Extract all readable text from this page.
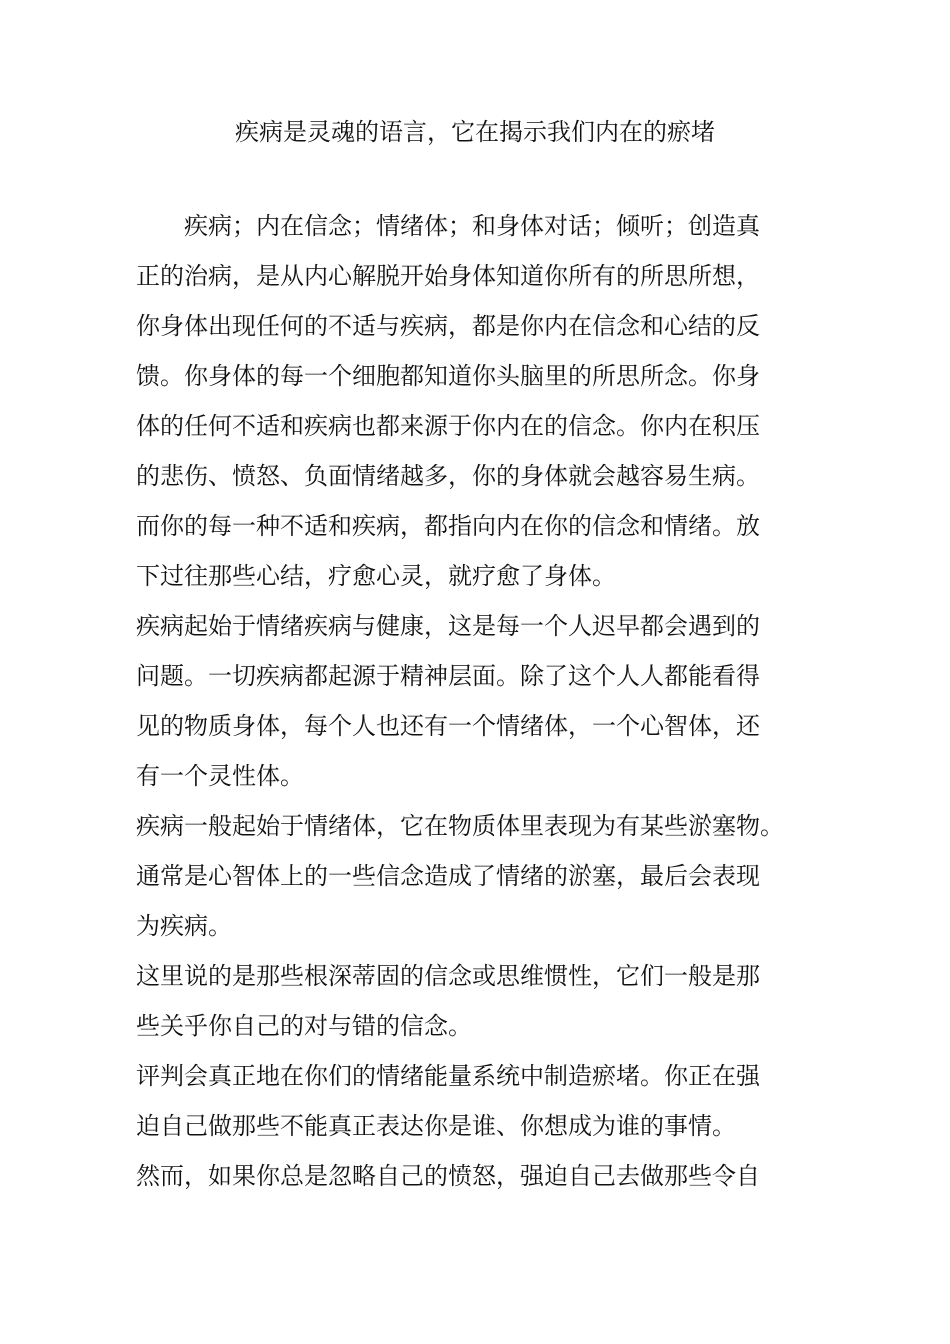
疾病是灵魂的语言，它在揭示我们内在的瘀堵
　　疾病；内在信念；情绪体；和身体对话；倾听；创造真
正的治病，是从内心解脱开始身体知道你所有的所思所想，
你身体出现任何的不适与疾病，都是你内在信念和心结的反
馈。你身体的每一个细胞都知道你头脑里的所思所念。你身
体的任何不适和疾病也都来源于你内在的信念。你内在积压
的悲伤、愤怒、负面情绪越多，你的身体就会越容易生病。
而你的每一种不适和疾病，都指向内在你的信念和情绪。放
下过往那些心结，疗愈心灵，就疗愈了身体。
疾病起始于情绪疾病与健康，这是每一个人迟早都会遇到的
问题。一切疾病都起源于精神层面。除了这个人人都能看得
见的物质身体，每个人也还有一个情绪体，一个心智体，还
有一个灵性体。
疾病一般起始于情绪体，它在物质体里表现为有某些淤塞物。
通常是心智体上的一些信念造成了情绪的淤塞，最后会表现
为疾病。
这里说的是那些根深蒂固的信念或思维惯性，它们一般是那
些关乎你自己的对与错的信念。
评判会真正地在你们的情绪能量系统中制造瘀堵。你正在强
迫自己做那些不能真正表达你是谁、你想成为谁的事情。
然而，如果你总是忽略自己的愤怒，强迫自己去做那些令自
